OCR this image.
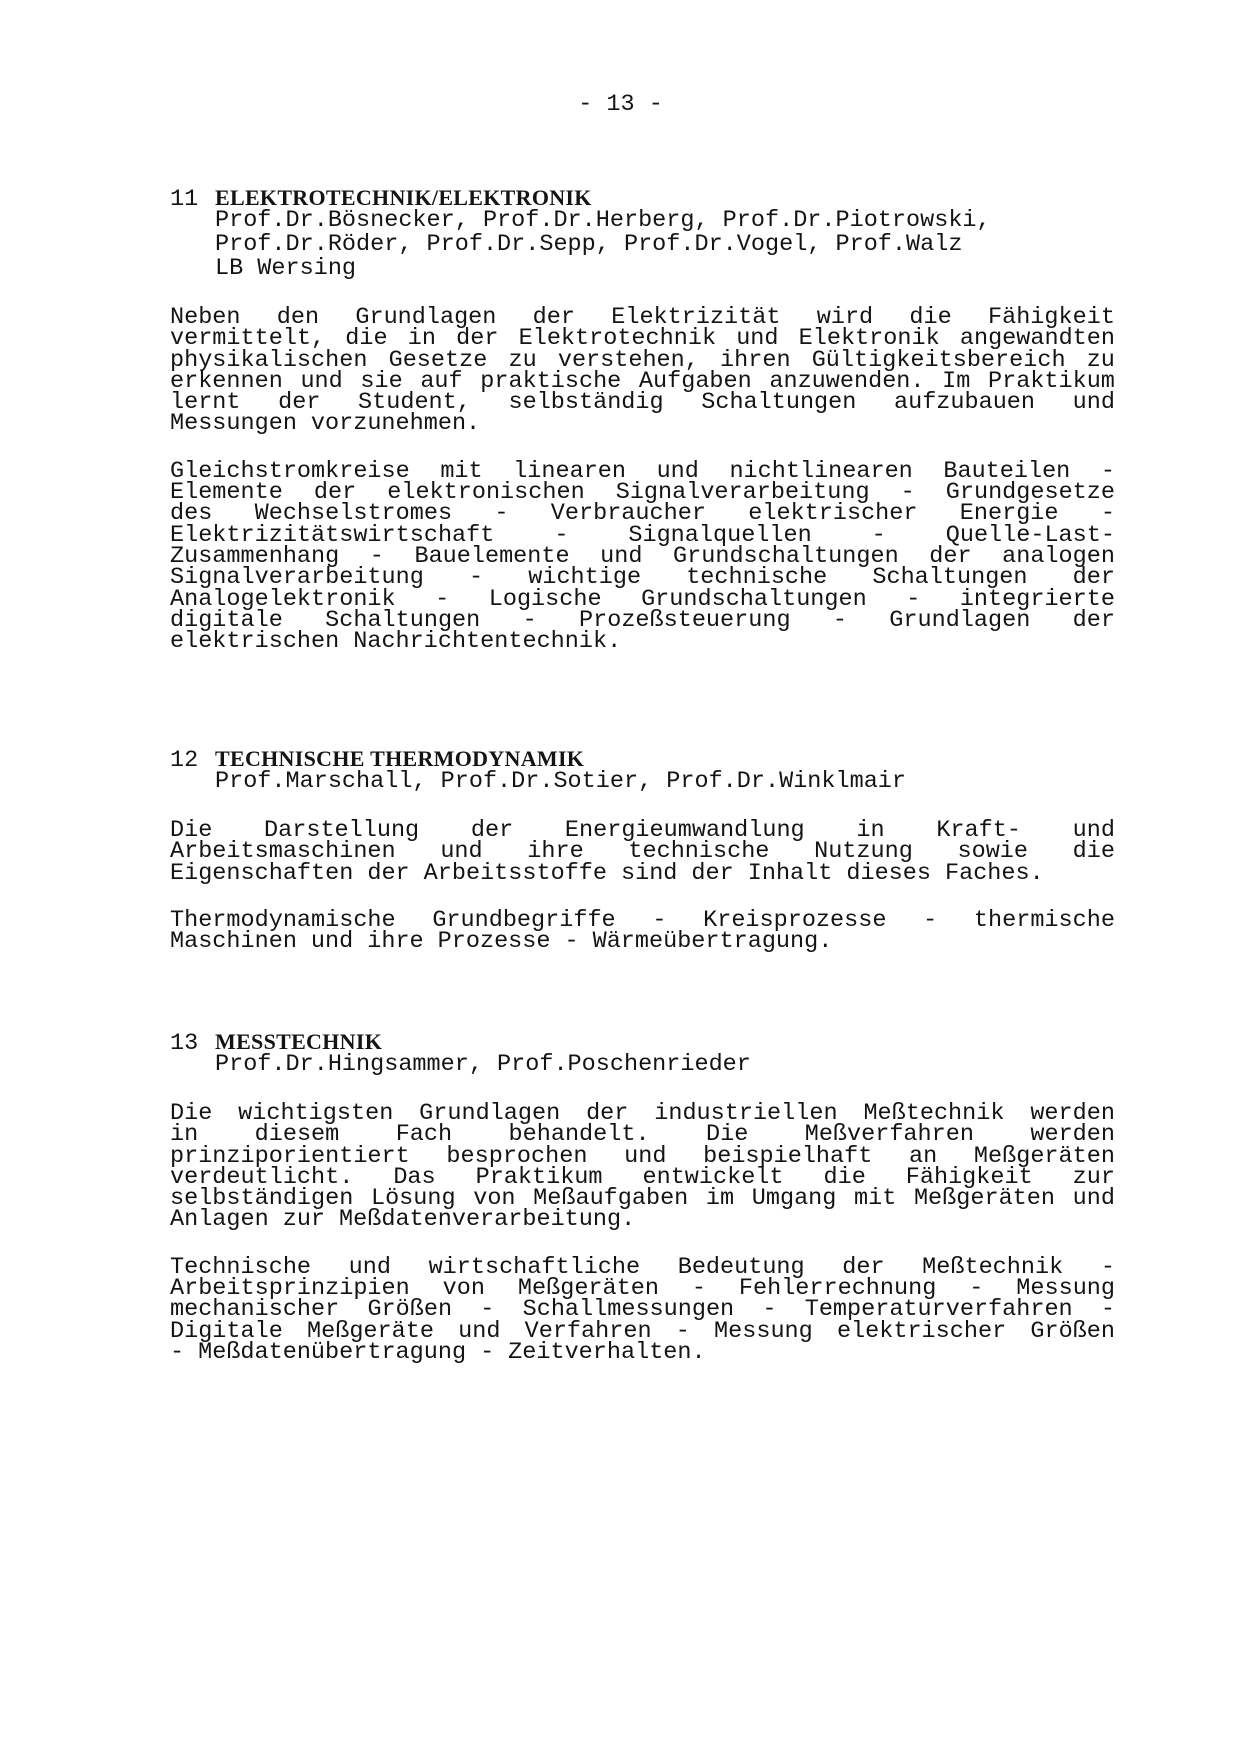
- 13 -
11 ELEKTROTECHNIK/ELEKTRONIK
Prof.Dr.Bösnecker, Prof.Dr.Herberg, Prof.Dr.Piotrowski,
Prof.Dr.Röder, Prof.Dr.Sepp, Prof.Dr.Vogel, Prof.Walz
LB Wersing
Neben den Grundlagen der Elektrizität wird die Fähigkeit
vermittelt, die in der Elektrotechnik und Elektronik angewandten
physikalischen Gesetze zu verstehen, ihren Gültigkeitsbereich zu
erkennen und sie auf praktische Aufgaben anzuwenden. Im Praktikum
lernt der Student, selbständig Schaltungen aufzubauen und
Messungen vorzunehmen.
Gleichstromkreise mit linearen und nichtlinearen Bauteilen -
Elemente der elektronischen Signalverarbeitung - Grundgesetze
des Wechselstromes - Verbraucher elektrischer Energie -
Elektrizitätswirtschaft	-	Signalquellen	-	Quelle-Last-
Zusammenhang - Bauelemente und Grundschaltungen der analogen
Signalverarbeitung - wichtige technische Schaltungen der
Analogelektronik - Logische Grundschaltungen - integrierte
digitale Schaltungen - Prozeßsteuerung - Grundlagen der
elektrischen Nachrichtentechnik.
12 TECHNISCHE THERMODYNAMIK
Prof.Marschall, Prof.Dr.Sotier, Prof.Dr.Winklmair
Die Darstellung der Energieumwandlung in Kraft- und
Arbeitsmaschinen und ihre technische Nutzung sowie die
Eigenschaften der Arbeitsstoffe sind der Inhalt dieses Faches.
Thermodynamische Grundbegriffe - Kreisprozesse - thermische
Maschinen und ihre Prozesse - Wärmeübertragung.
13 MESSTECHNIK
Prof.Dr.Hingsammer, Prof.Poschenrieder
Die wichtigsten Grundlagen der industriellen Meßtechnik werden
in diesem Fach behandelt. Die Meßverfahren werden
prinziporientiert besprochen und beispielhaft an Meßgeräten
verdeutlicht. Das Praktikum entwickelt die Fähigkeit zur
selbständigen Lösung von Meßaufgaben im Umgang mit Meßgeräten und
Anlagen zur Meßdatenverarbeitung.
Technische und wirtschaftliche Bedeutung der Meßtechnik -
Arbeitsprinzipien von Meßgeräten - Fehlerrechnung - Messung
mechanischer Größen - Schallmessungen - Temperaturverfahren -
Digitale Meßgeräte und Verfahren - Messung elektrischer Größen
- Meßdatenübertragung - Zeitverhalten.
